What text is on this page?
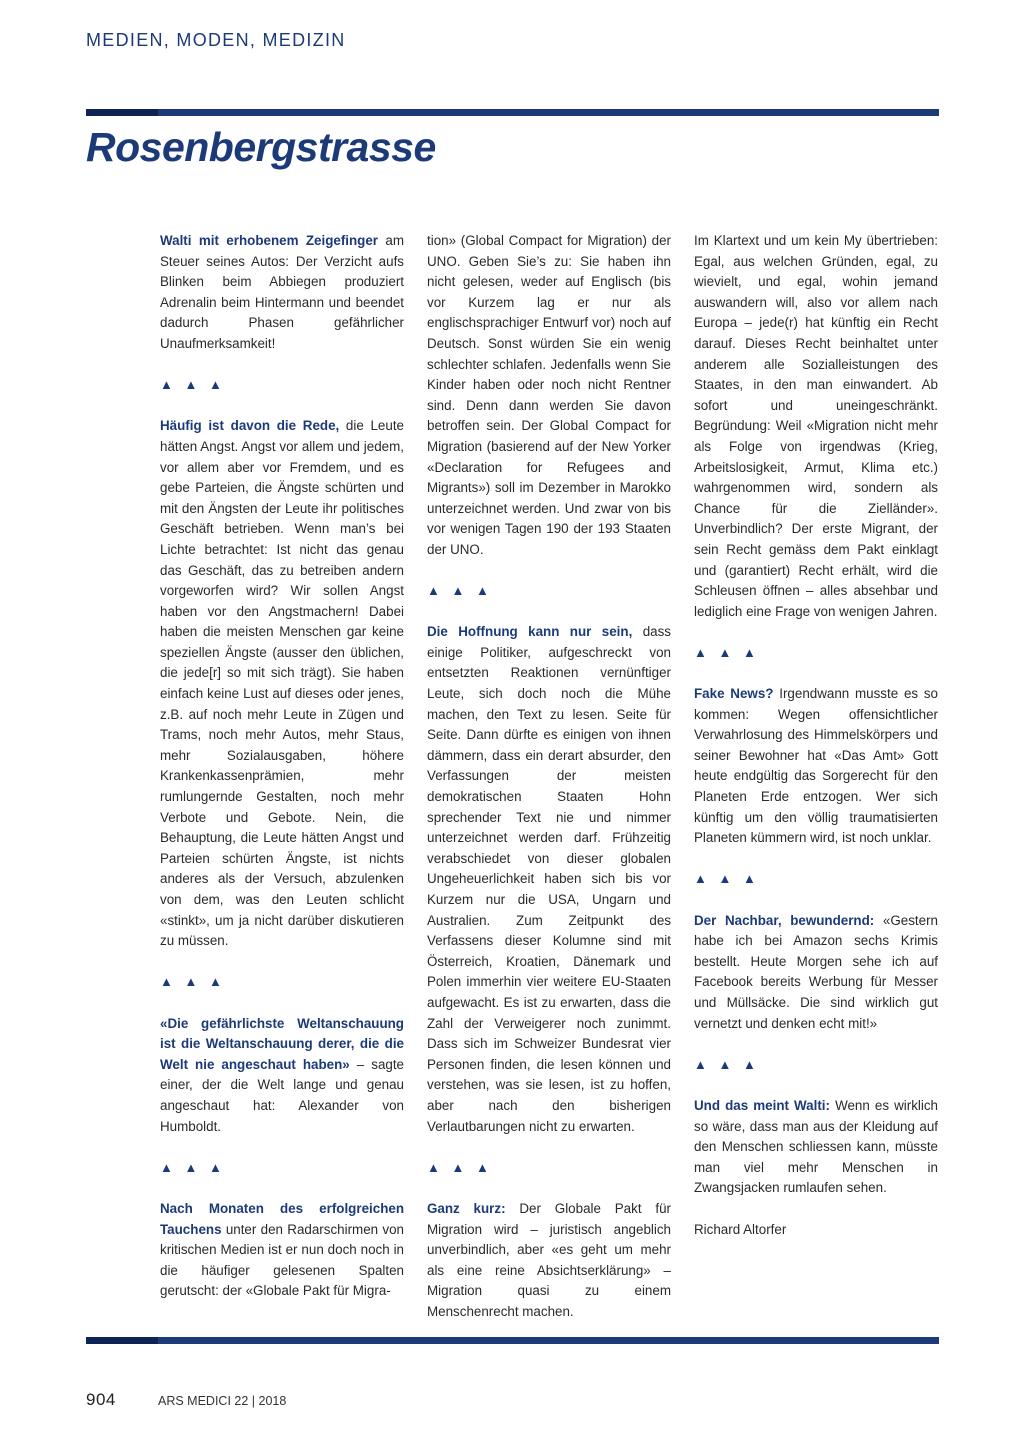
MEDIEN, MODEN, MEDIZIN
Rosenbergstrasse

Walti mit erhobenem Zeigefinger am Steuer seines Autos: Der Verzicht aufs Blinken beim Abbiegen produziert Adrenalin beim Hintermann und beendet dadurch Phasen gefährlicher Unaufmerksamkeit!

▲ ▲ ▲

Häufig ist davon die Rede, die Leute hätten Angst. Angst vor allem und jedem, vor allem aber vor Fremdem, und es gebe Parteien, die Ängste schürten und mit den Ängsten der Leute ihr politisches Geschäft betrieben. Wenn man’s bei Lichte betrachtet: Ist nicht das genau das Geschäft, das zu betreiben andern vorgeworfen wird? Wir sollen Angst haben vor den Angstmachern! Dabei haben die meisten Menschen gar keine speziellen Ängste (ausser den üblichen, die jede[r] so mit sich trägt). Sie haben einfach keine Lust auf dieses oder jenes, z.B. auf noch mehr Leute in Zügen und Trams, noch mehr Autos, mehr Staus, mehr Sozialausgaben, höhere Krankenkassenprämien, mehr rumlungernde Gestalten, noch mehr Verbote und Gebote. Nein, die Behauptung, die Leute hätten Angst und Parteien schürten Ängste, ist nichts anderes als der Versuch, abzulenken von dem, was den Leuten schlicht «stinkt», um ja nicht darüber diskutieren zu müssen.

▲ ▲ ▲

«Die gefährlichste Weltanschauung ist die Weltanschauung derer, die die Welt nie angeschaut haben» – sagte einer, der die Welt lange und genau angeschaut hat: Alexander von Humboldt.

▲ ▲ ▲

Nach Monaten des erfolgreichen Tauchens unter den Radarschirmen von kritischen Medien ist er nun doch noch in die häufiger gelesenen Spalten gerutscht: der «Globale Pakt für Migra-

tion» (Global Compact for Migration) der UNO. Geben Sie’s zu: Sie haben ihn nicht gelesen, weder auf Englisch (bis vor Kurzem lag er nur als englischsprachiger Entwurf vor) noch auf Deutsch. Sonst würden Sie ein wenig schlechter schlafen. Jedenfalls wenn Sie Kinder haben oder noch nicht Rentner sind. Denn dann werden Sie davon betroffen sein. Der Global Compact for Migration (basierend auf der New Yorker «Declaration for Refugees and Migrants») soll im Dezember in Marokko unterzeichnet werden. Und zwar von bis vor wenigen Tagen 190 der 193 Staaten der UNO.

▲ ▲ ▲

Die Hoffnung kann nur sein, dass einige Politiker, aufgeschreckt von entsetzten Reaktionen vernünftiger Leute, sich doch noch die Mühe machen, den Text zu lesen. Seite für Seite. Dann dürfte es einigen von ihnen dämmern, dass ein derart absurder, den Verfassungen der meisten demokratischen Staaten Hohn sprechender Text nie und nimmer unterzeichnet werden darf. Frühzeitig verabschiedet von dieser globalen Ungeheuerlichkeit haben sich bis vor Kurzem nur die USA, Ungarn und Australien. Zum Zeitpunkt des Verfassens dieser Kolumne sind mit Österreich, Kroatien, Dänemark und Polen immerhin vier weitere EU-Staaten aufgewacht. Es ist zu erwarten, dass die Zahl der Verweigerer noch zunimmt. Dass sich im Schweizer Bundesrat vier Personen finden, die lesen können und verstehen, was sie lesen, ist zu hoffen, aber nach den bisherigen Verlautbarungen nicht zu erwarten.

▲ ▲ ▲

Ganz kurz: Der Globale Pakt für Migration wird – juristisch angeblich unverbindlich, aber «es geht um mehr als eine reine Absichtserklärung» – Migration quasi zu einem Menschenrecht machen.

Im Klartext und um kein My übertrieben: Egal, aus welchen Gründen, egal, zu wievielt, und egal, wohin jemand auswandern will, also vor allem nach Europa – jede(r) hat künftig ein Recht darauf. Dieses Recht beinhaltet unter anderem alle Sozialleistungen des Staates, in den man einwandert. Ab sofort und uneingeschränkt. Begründung: Weil «Migration nicht mehr als Folge von irgendwas (Krieg, Arbeitslosigkeit, Armut, Klima etc.) wahrgenommen wird, sondern als Chance für die Zielländer». Unverbindlich? Der erste Migrant, der sein Recht gemäss dem Pakt einklagt und (garantiert) Recht erhält, wird die Schleusen öffnen – alles absehbar und lediglich eine Frage von wenigen Jahren.

▲ ▲ ▲

Fake News? Irgendwann musste es so kommen: Wegen offensichtlicher Verwahrlosung des Himmelskörpers und seiner Bewohner hat «Das Amt» Gott heute endgültig das Sorgerecht für den Planeten Erde entzogen. Wer sich künftig um den völlig traumatisierten Planeten kümmern wird, ist noch unklar.

▲ ▲ ▲

Der Nachbar, bewundernd: «Gestern habe ich bei Amazon sechs Krimis bestellt. Heute Morgen sehe ich auf Facebook bereits Werbung für Messer und Müllsäcke. Die sind wirklich gut vernetzt und denken echt mit!»

▲ ▲ ▲

Und das meint Walti: Wenn es wirklich so wäre, dass man aus der Kleidung auf den Menschen schliessen kann, müsste man viel mehr Menschen in Zwangsjacken rumlaufen sehen.

Richard Altorfer

904	ARS MEDICI 22 | 2018
